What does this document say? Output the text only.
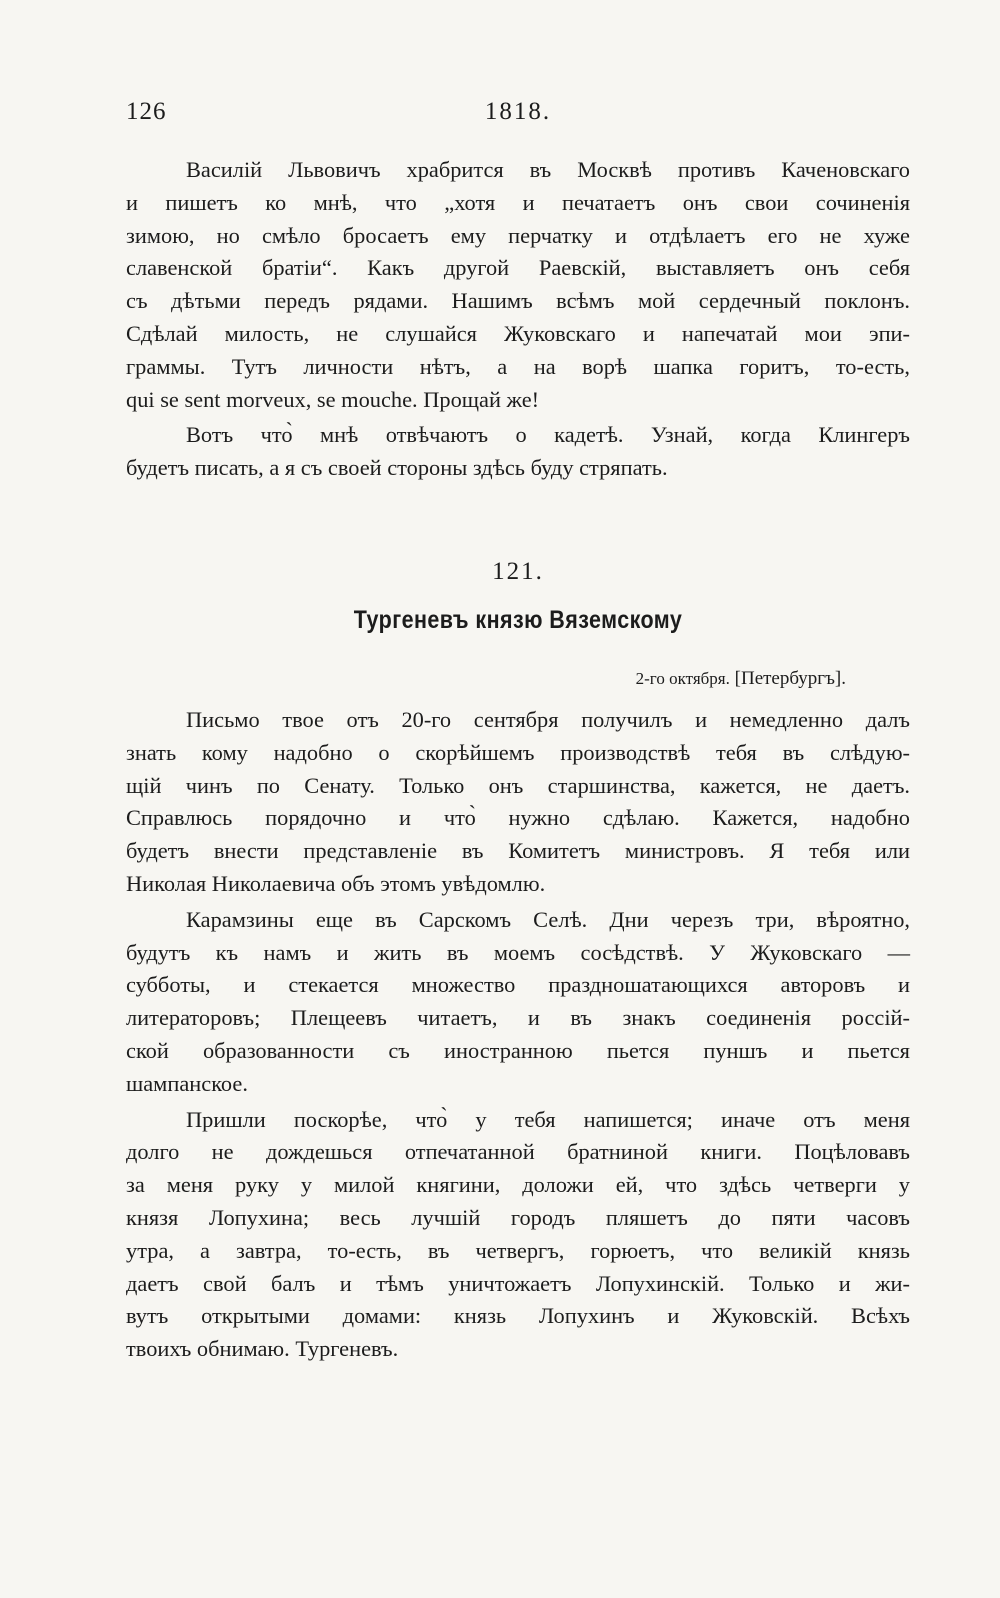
126	1818.
Василій Львовичъ храбрится въ Москвѣ противъ Каченовскаго
и пишетъ ко мнѣ, что „хотя и печатаетъ онъ свои сочиненія
зимою, но смѣло бросаетъ ему перчатку и отдѣлаетъ его не хуже
славенской братіи“. Какъ другой Раевскій, выставляетъ онъ себя
съ дѣтьми передъ рядами. Нашимъ всѣмъ мой сердечный поклонъ.
Сдѣлай милость, не слушайся Жуковскаго и напечатай мои эпи-
граммы. Тутъ личности нѣтъ, а на ворѣ шапка горитъ, то-есть,
qui se sent morveux, se mouche. Прощай же!
Вотъ что̀ мнѣ отвѣчаютъ о кадетѣ. Узнай, когда Клингеръ
будетъ писать, а я съ своей стороны здѣсь буду стряпать.
121.
Тургеневъ князю Вяземскому
2-го октября. [Петербургъ].
Письмо твое отъ 20-го сентября получилъ и немедленно далъ
знать кому надобно о скорѣйшемъ производствѣ тебя въ слѣдую-
щій чинъ по Сенату. Только онъ старшинства, кажется, не даетъ.
Справлюсь порядочно и что̀ нужно сдѣлаю. Кажется, надобно
будетъ внести представленіе въ Комитетъ министровъ. Я тебя или
Николая Николаевича объ этомъ увѣдомлю.
Карамзины еще въ Сарскомъ Селѣ. Дни черезъ три, вѣроятно,
будутъ къ намъ и жить въ моемъ сосѣдствѣ. У Жуковскаго —
субботы, и стекается множество праздношатающихся авторовъ и
литераторовъ; Плещеевъ читаетъ, и въ знакъ соединенія россій-
ской образованности съ иностранною пьется пуншъ и пьется
шампанское.
Пришли поскорѣе, что̀ у тебя напишется; иначе отъ меня
долго не дождешься отпечатанной братниной книги. Поцѣловавъ
за меня руку у милой княгини, доложи ей, что здѣсь четверги у
князя Лопухина; весь лучшій городъ пляшетъ до пяти часовъ
утра, а завтра, то-есть, въ четвергъ, горюетъ, что великій князь
даетъ свой балъ и тѣмъ уничтожаетъ Лопухинскій. Только и жи-
вутъ открытыми домами: князь Лопухинъ и Жуковскій. Всѣхъ
твоихъ обнимаю. Тургеневъ.
